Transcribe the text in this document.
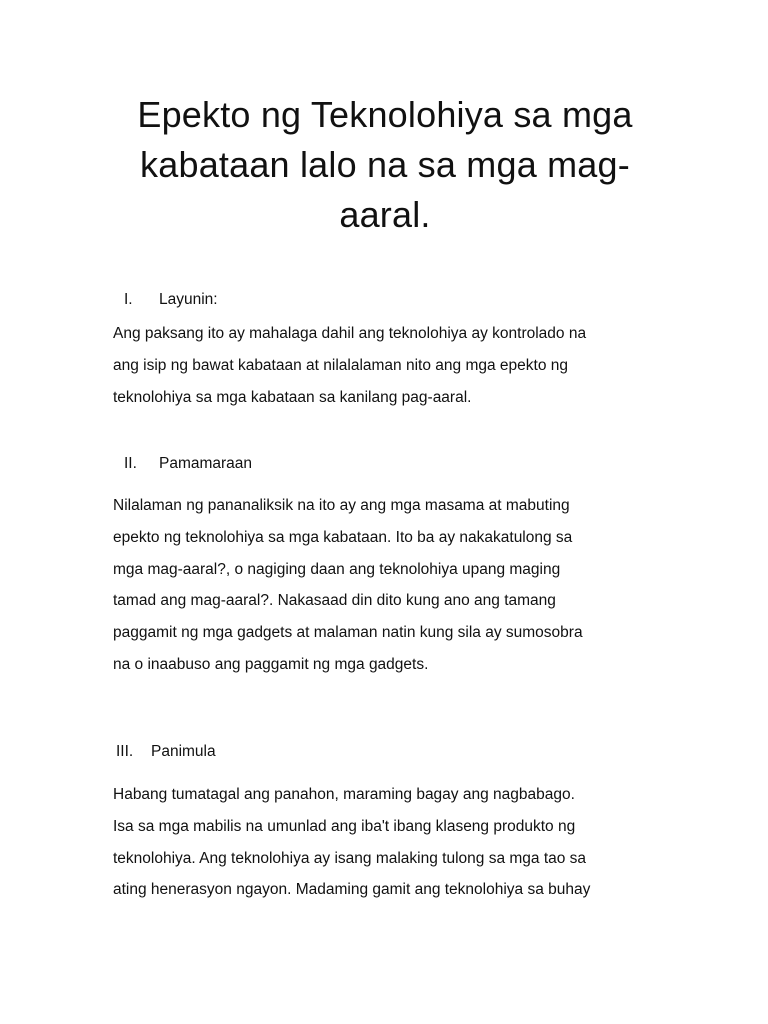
Epekto ng Teknolohiya sa mga
kabataan lalo na sa mga mag-
aaral.
I. Layunin:

Ang paksang ito ay mahalaga dahil ang teknolohiya ay kontrolado na
ang isip ng bawat kabataan at nilalalaman nito ang mga epekto ng
teknolohiya sa mga kabataan sa kanilang pag-aaral.

II. Pamamaraan

Nilalaman ng pananaliksik na ito ay ang mga masama at mabuting
epekto ng teknolohiya sa mga kabataan. Ito ba ay nakakatulong sa
mga mag-aaral?, o nagiging daan ang teknolohiya upang maging
tamad ang mag-aaral?. Nakasaad din dito kung ano ang tamang
paggamit ng mga gadgets at malaman natin kung sila ay sumosobra
na o inaabuso ang paggamit ng mga gadgets.

III. Panimula

Habang tumatagal ang panahon, maraming bagay ang nagbabago.
Isa sa mga mabilis na umunlad ang iba't ibang klaseng produkto ng
teknolohiya. Ang teknolohiya ay isang malaking tulong sa mga tao sa
ating henerasyon ngayon. Madaming gamit ang teknolohiya sa buhay
